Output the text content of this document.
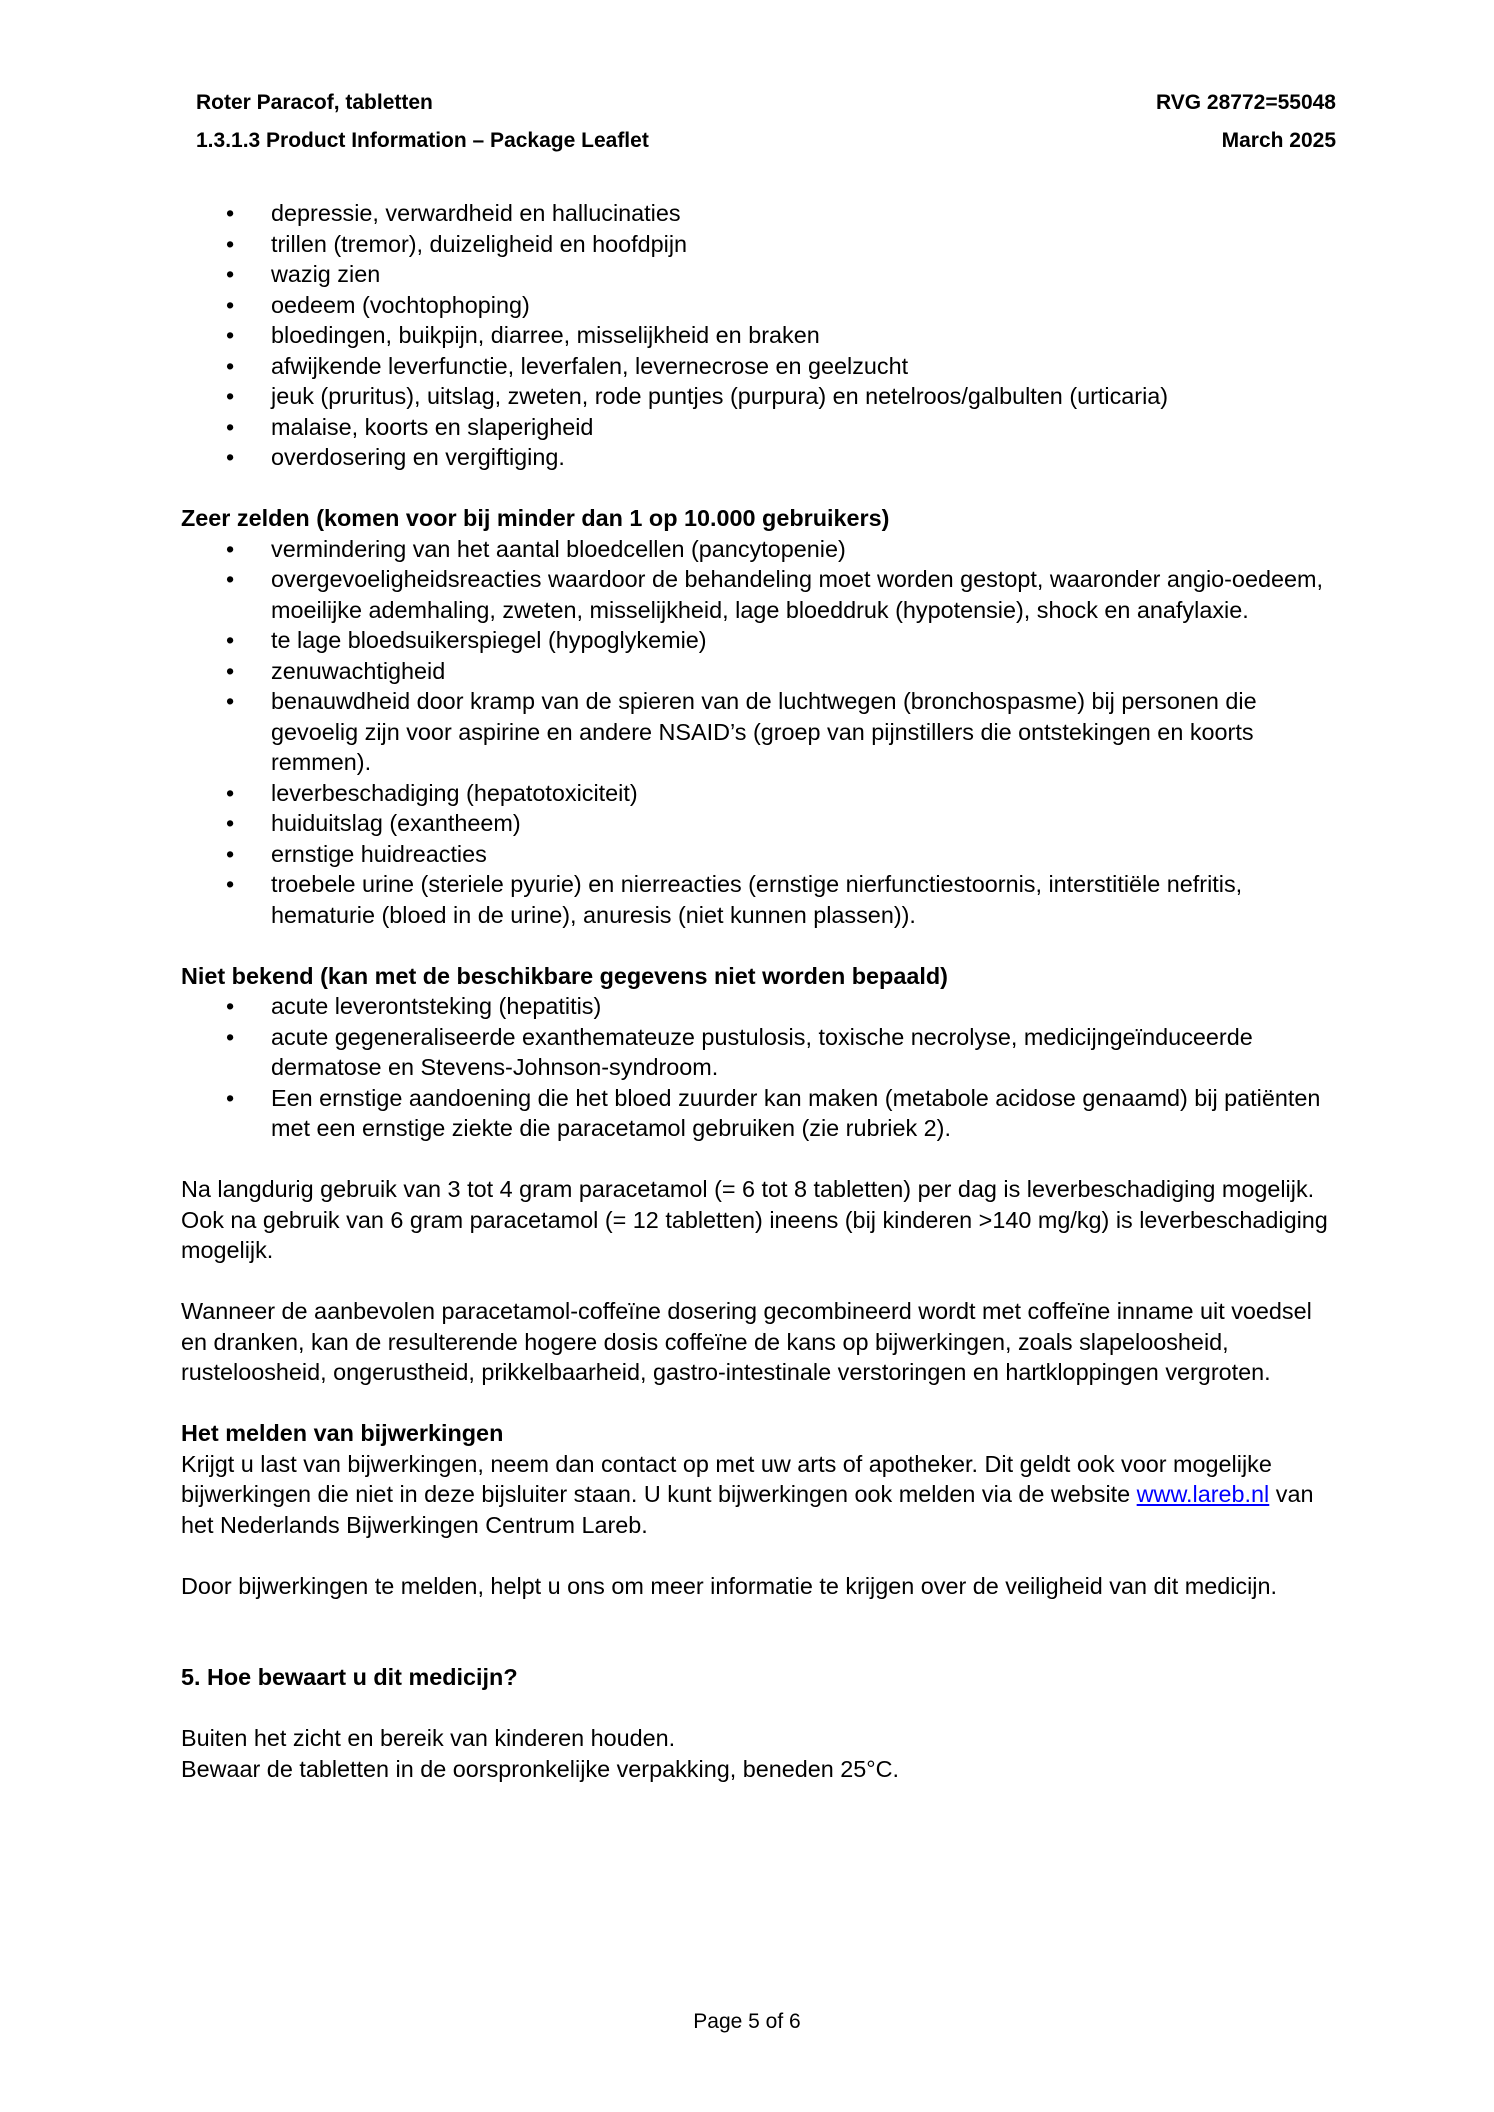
Roter Paracof, tabletten	RVG 28772=55048
1.3.1.3 Product Information – Package Leaflet	March 2025
• depressie, verwardheid en hallucinaties
• trillen (tremor), duizeligheid en hoofdpijn
• wazig zien
• oedeem (vochtophoping)
• bloedingen, buikpijn, diarree, misselijkheid en braken
• afwijkende leverfunctie, leverfalen, levernecrose en geelzucht
• jeuk (pruritus), uitslag, zweten, rode puntjes (purpura) en netelroos/galbulten (urticaria)
• malaise, koorts en slaperigheid
• overdosering en vergiftiging.
Zeer zelden (komen voor bij minder dan 1 op 10.000 gebruikers)
• vermindering van het aantal bloedcellen (pancytopenie)
• overgevoeligheidsreacties waardoor de behandeling moet worden gestopt, waaronder angio-oedeem, moeilijke ademhaling, zweten, misselijkheid, lage bloeddruk (hypotensie), shock en anafylaxie.
• te lage bloedsuikerspiegel (hypoglykemie)
• zenuwachtigheid
• benauwdheid door kramp van de spieren van de luchtwegen (bronchospasme) bij personen die gevoelig zijn voor aspirine en andere NSAID’s (groep van pijnstillers die ontstekingen en koorts remmen).
• leverbeschadiging (hepatotoxiciteit)
• huiduitslag (exantheem)
• ernstige huidreacties
• troebele urine (steriele pyurie) en nierreacties (ernstige nierfunctiestoornis, interstitiële nefritis, hematurie (bloed in de urine), anuresis (niet kunnen plassen)).
Niet bekend (kan met de beschikbare gegevens niet worden bepaald)
• acute leverontsteking (hepatitis)
• acute gegeneraliseerde exanthemateuze pustulosis, toxische necrolyse, medicijngeïnduceerde dermatose en Stevens-Johnson-syndroom.
• Een ernstige aandoening die het bloed zuurder kan maken (metabole acidose genaamd) bij patiënten met een ernstige ziekte die paracetamol gebruiken (zie rubriek 2).

Na langdurig gebruik van 3 tot 4 gram paracetamol (= 6 tot 8 tabletten) per dag is leverbeschadiging mogelijk. Ook na gebruik van 6 gram paracetamol (= 12 tabletten) ineens (bij kinderen >140 mg/kg) is leverbeschadiging mogelijk.

Wanneer de aanbevolen paracetamol-coffeïne dosering gecombineerd wordt met coffeïne inname uit voedsel en dranken, kan de resulterende hogere dosis coffeïne de kans op bijwerkingen, zoals slapeloosheid, rusteloosheid, ongerustheid, prikkelbaarheid, gastro-intestinale verstoringen en hartkloppingen vergroten.

Het melden van bijwerkingen

Krijgt u last van bijwerkingen, neem dan contact op met uw arts of apotheker. Dit geldt ook voor mogelijke bijwerkingen die niet in deze bijsluiter staan. U kunt bijwerkingen ook melden via de website www.lareb.nl van het Nederlands Bijwerkingen Centrum Lareb.

Door bijwerkingen te melden, helpt u ons om meer informatie te krijgen over de veiligheid van dit medicijn.

5. Hoe bewaart u dit medicijn?

Buiten het zicht en bereik van kinderen houden.

Bewaar de tabletten in de oorspronkelijke verpakking, beneden 25°C.

Page 5 of 6
